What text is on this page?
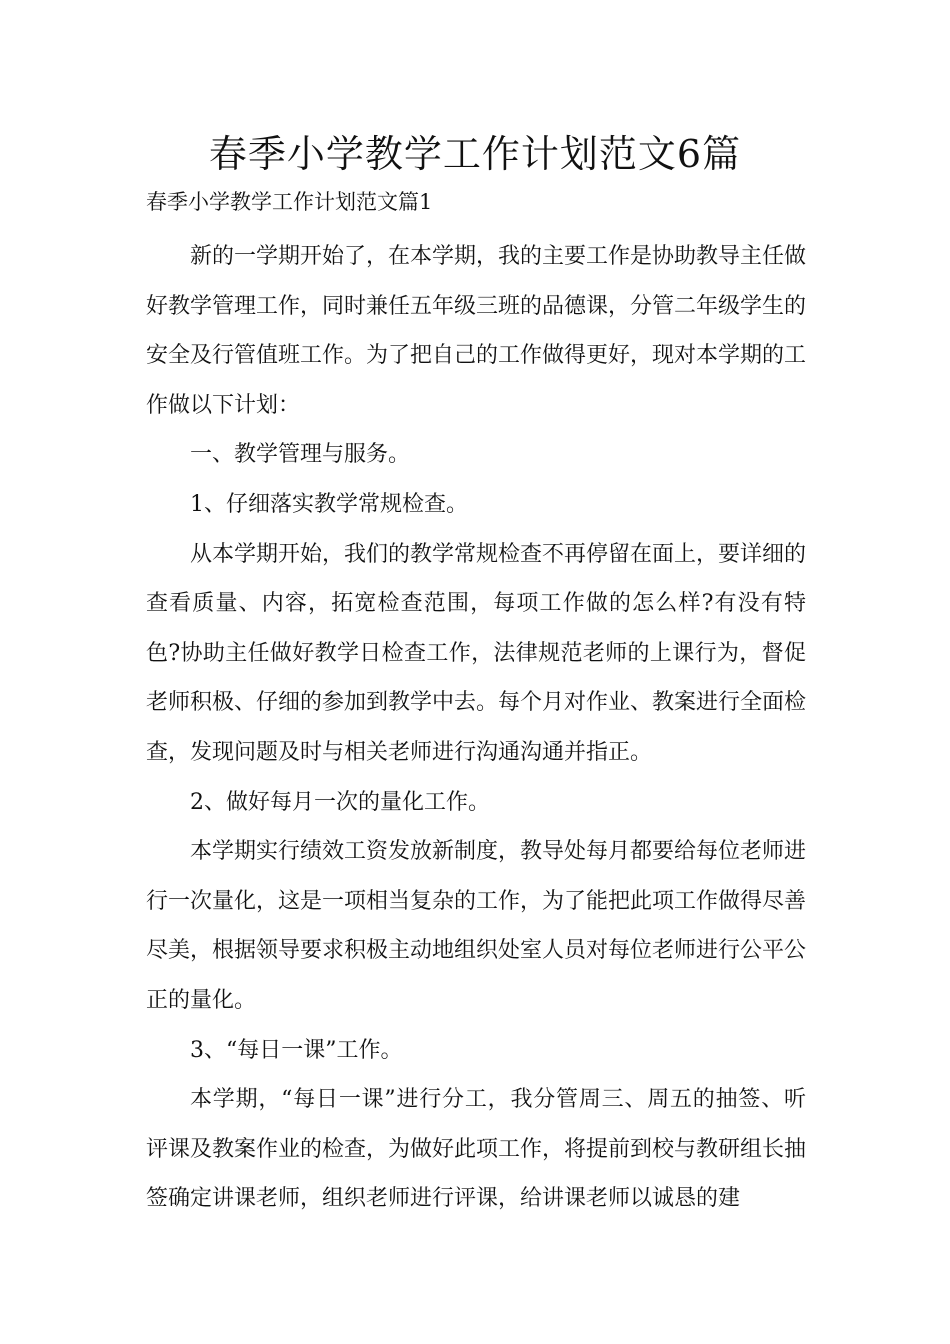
春季小学教学工作计划范文6篇
春季小学教学工作计划范文篇1

新的一学期开始了，在本学期，我的主要工作是协助教导主任做好教学管理工作，同时兼任五年级三班的品德课，分管二年级学生的安全及行管值班工作。为了把自己的工作做得更好，现对本学期的工作做以下计划：

一、教学管理与服务。

1、仔细落实教学常规检查。

从本学期开始，我们的教学常规检查不再停留在面上，要详细的查看质量、内容，拓宽检查范围，每项工作做的怎么样?有没有特色?协助主任做好教学日检查工作，法律规范老师的上课行为，督促老师积极、仔细的参加到教学中去。每个月对作业、教案进行全面检查，发现问题及时与相关老师进行沟通沟通并指正。

2、做好每月一次的量化工作。

本学期实行绩效工资发放新制度，教导处每月都要给每位老师进行一次量化，这是一项相当复杂的工作，为了能把此项工作做得尽善尽美，根据领导要求积极主动地组织处室人员对每位老师进行公平公正的量化。

3、“每日一课”工作。

本学期，“每日一课”进行分工，我分管周三、周五的抽签、听评课及教案作业的检查，为做好此项工作，将提前到校与教研组长抽签确定讲课老师，组织老师进行评课，给讲课老师以诚恳的建
